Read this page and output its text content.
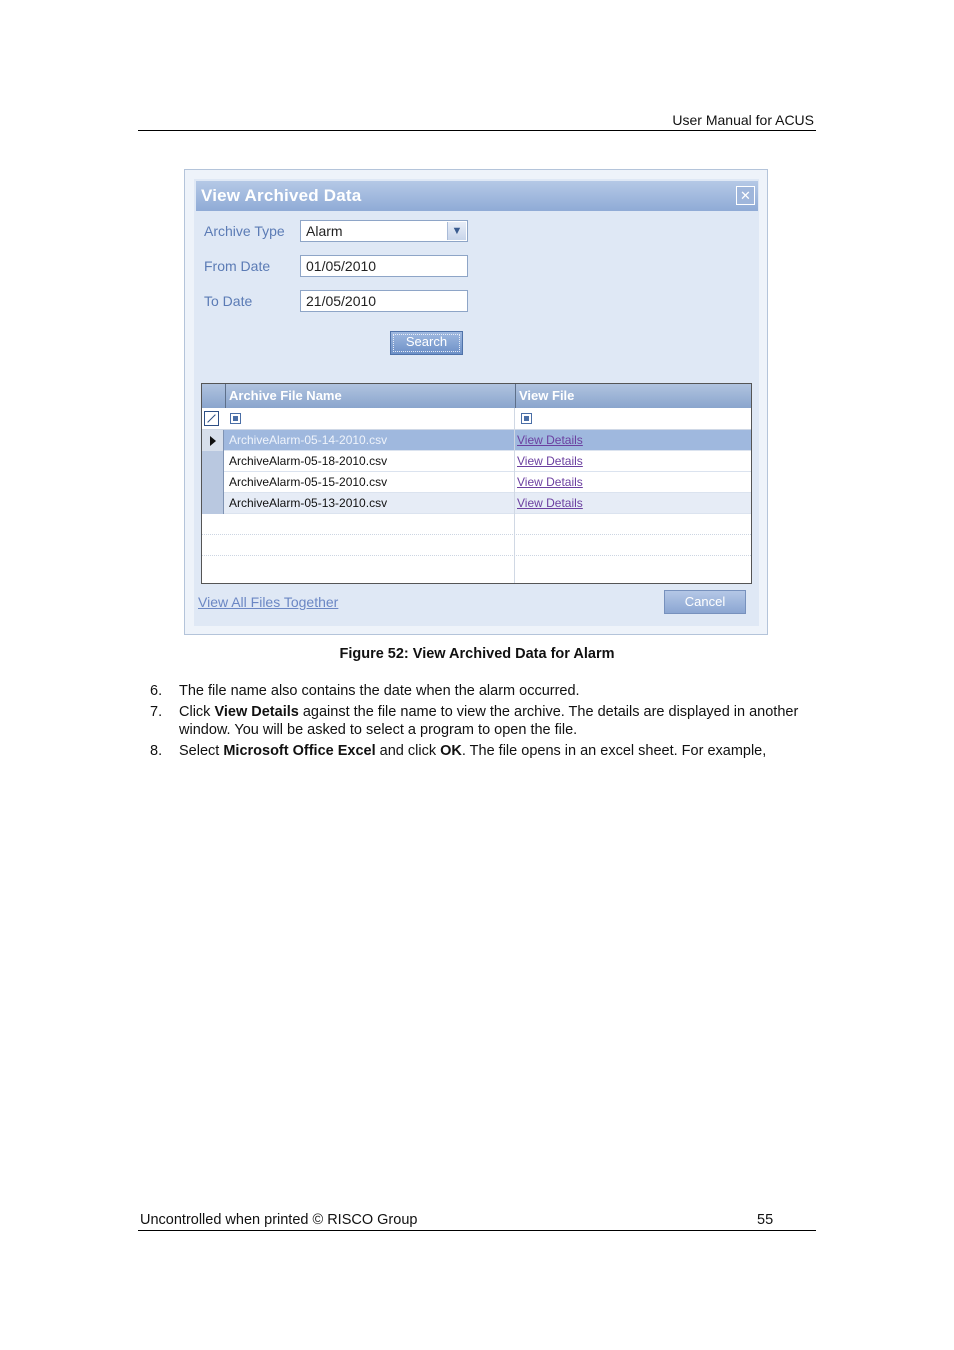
User Manual for ACUS
View Archived Data	✕
Archive Type	Alarm	▼
From Date	01/05/2010
To Date	21/05/2010
Search
Archive File Name	View File
ArchiveAlarm-05-14-2010.csv	View Details
ArchiveAlarm-05-18-2010.csv	View Details
ArchiveAlarm-05-15-2010.csv	View Details
ArchiveAlarm-05-13-2010.csv	View Details
View All Files Together	Cancel
Figure 52: View Archived Data for Alarm
6. The file name also contains the date when the alarm occurred.
7. Click View Details against the file name to view the archive. The details are displayed in another window. You will be asked to select a program to open the file.
8. Select Microsoft Office Excel and click OK. The file opens in an excel sheet. For example,
Uncontrolled when printed © RISCO Group	55
